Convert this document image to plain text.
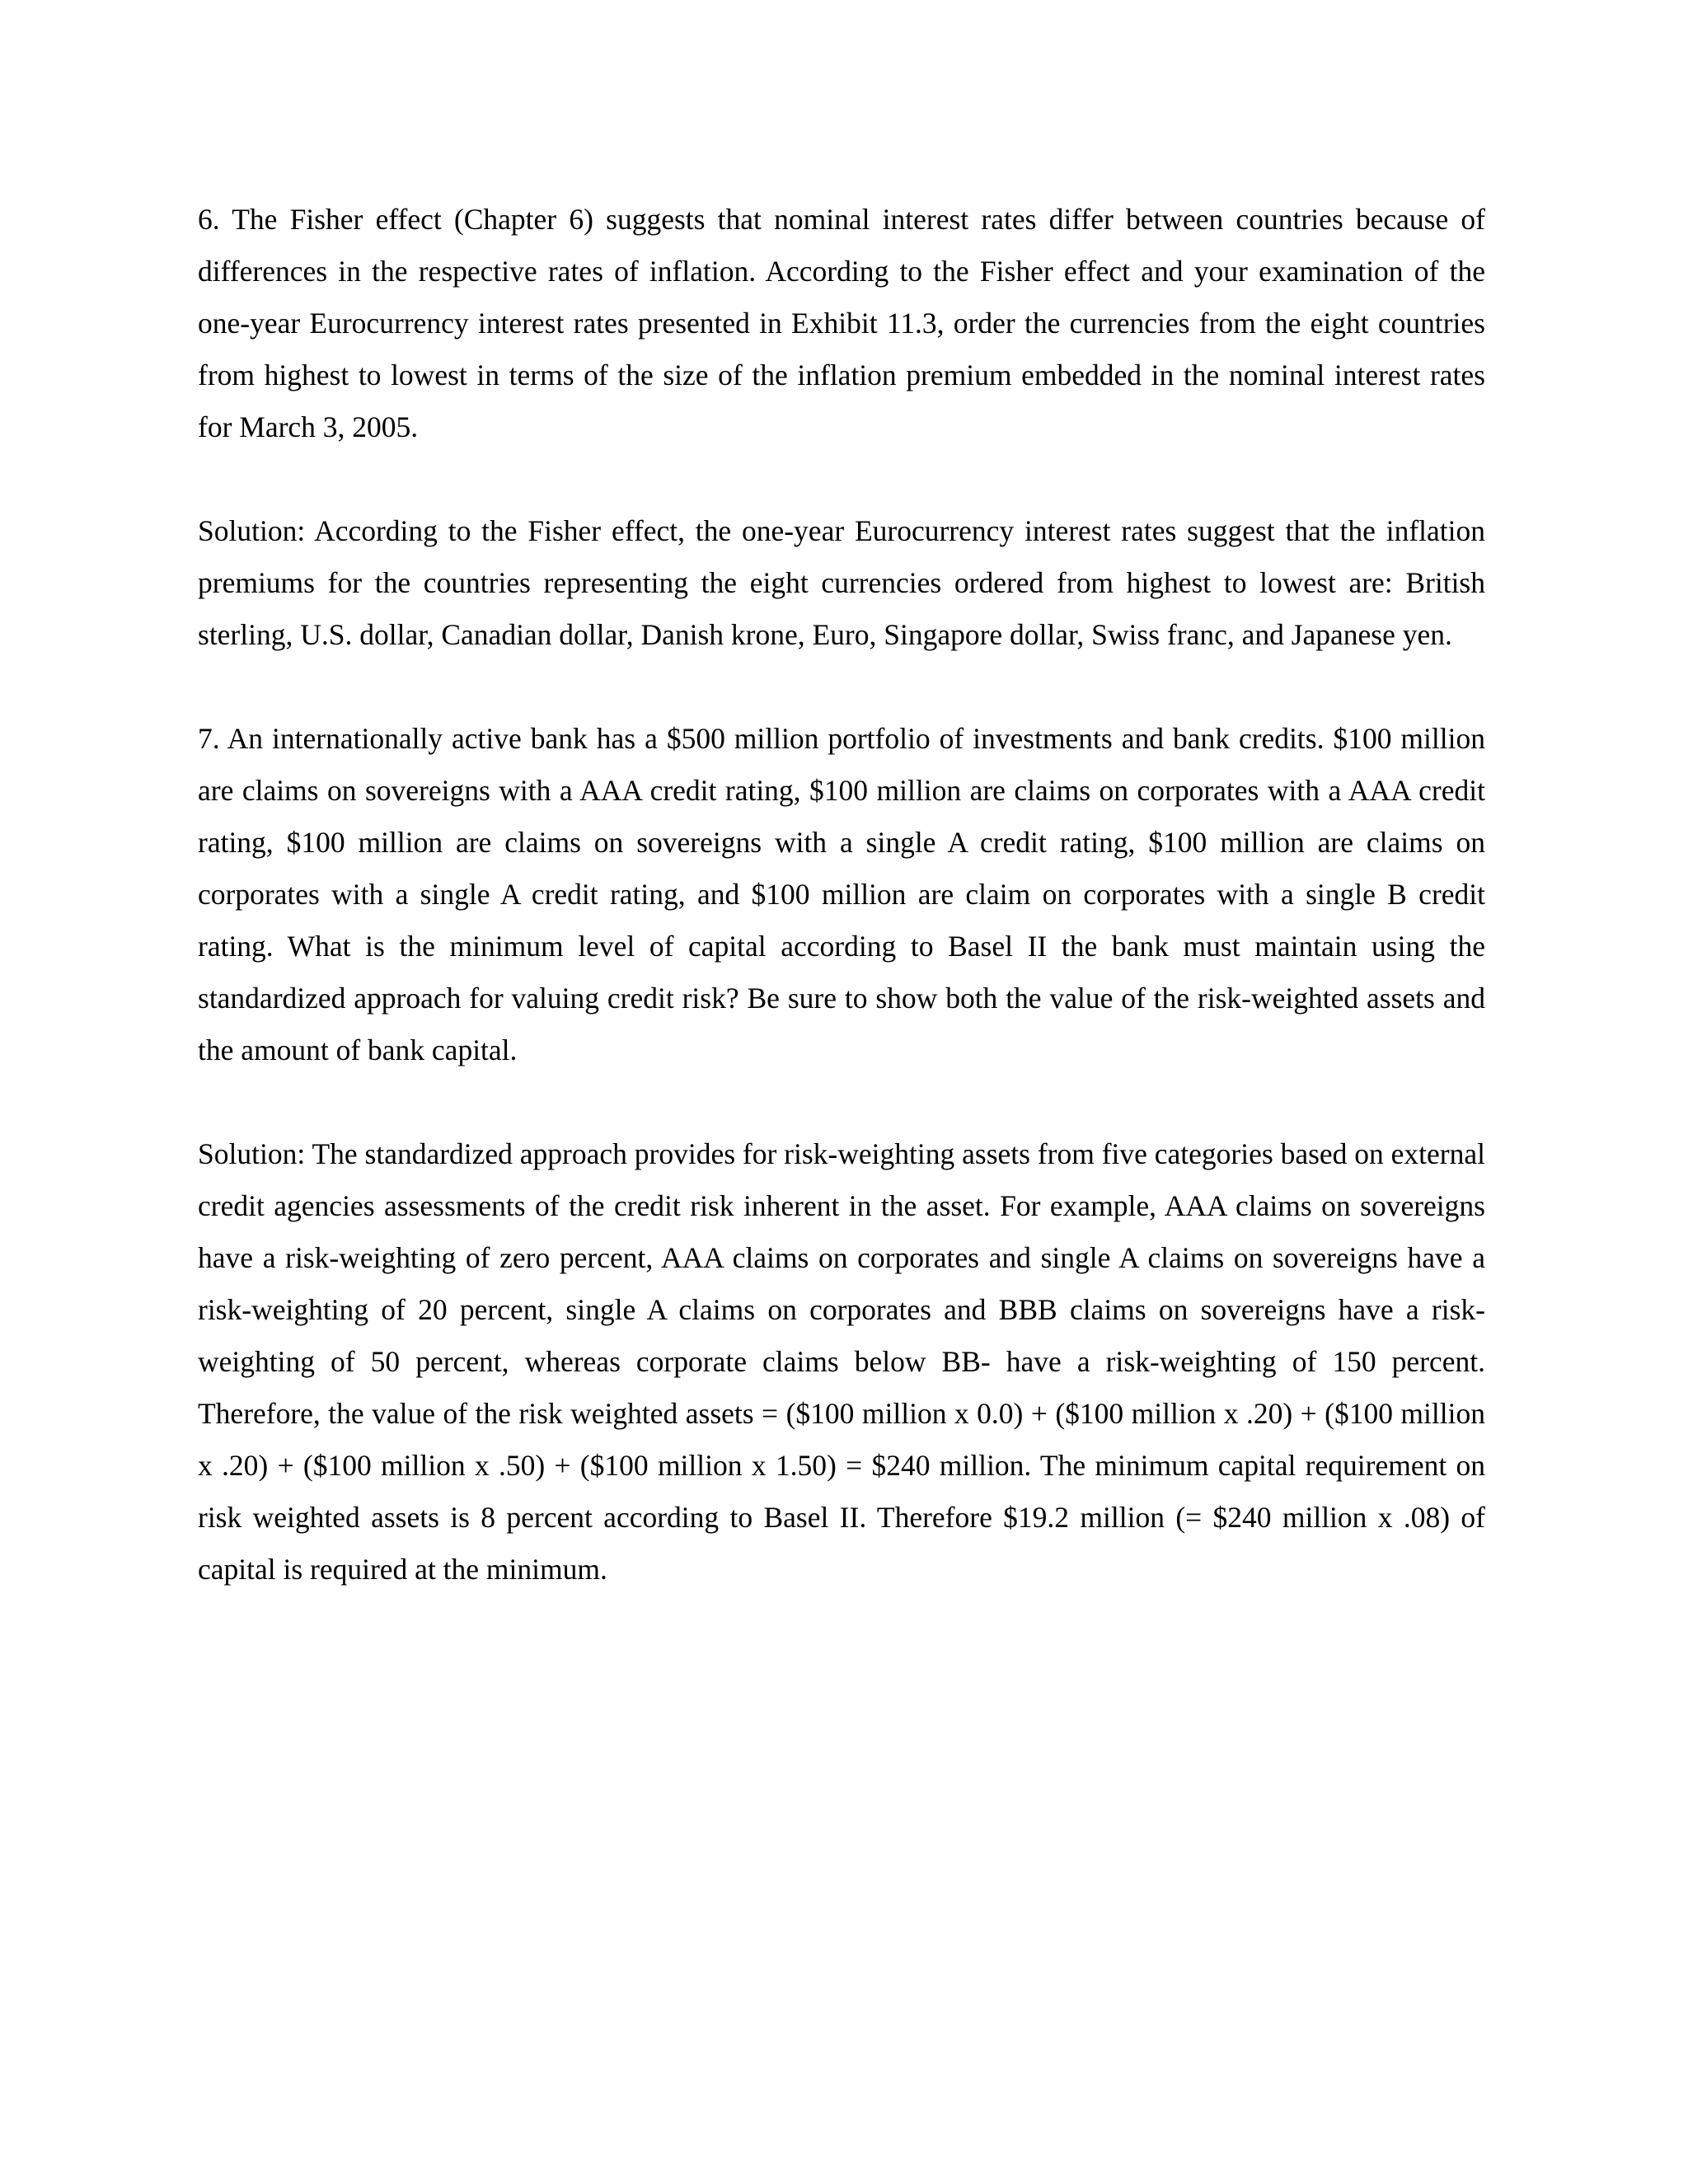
6. The Fisher effect (Chapter 6) suggests that nominal interest rates differ between countries because of differences in the respective rates of inflation. According to the Fisher effect and your examination of the one-year Eurocurrency interest rates presented in Exhibit 11.3, order the currencies from the eight countries from highest to lowest in terms of the size of the inflation premium embedded in the nominal interest rates for March 3, 2005.

Solution: According to the Fisher effect, the one-year Eurocurrency interest rates suggest that the inflation premiums for the countries representing the eight currencies ordered from highest to lowest are: British sterling, U.S. dollar, Canadian dollar, Danish krone, Euro, Singapore dollar, Swiss franc, and Japanese yen.

7. An internationally active bank has a $500 million portfolio of investments and bank credits. $100 million are claims on sovereigns with a AAA credit rating, $100 million are claims on corporates with a AAA credit rating, $100 million are claims on sovereigns with a single A credit rating, $100 million are claims on corporates with a single A credit rating, and $100 million are claim on corporates with a single B credit rating. What is the minimum level of capital according to Basel II the bank must maintain using the standardized approach for valuing credit risk? Be sure to show both the value of the risk-weighted assets and the amount of bank capital.

Solution: The standardized approach provides for risk-weighting assets from five categories based on external credit agencies assessments of the credit risk inherent in the asset. For example, AAA claims on sovereigns have a risk-weighting of zero percent, AAA claims on corporates and single A claims on sovereigns have a risk-weighting of 20 percent, single A claims on corporates and BBB claims on sovereigns have a risk-weighting of 50 percent, whereas corporate claims below BB- have a risk-weighting of 150 percent. Therefore, the value of the risk weighted assets = ($100 million x 0.0) + ($100 million x .20) + ($100 million x .20) + ($100 million x .50) + ($100 million x 1.50) = $240 million. The minimum capital requirement on risk weighted assets is 8 percent according to Basel II. Therefore $19.2 million (= $240 million x .08) of capital is required at the minimum.
